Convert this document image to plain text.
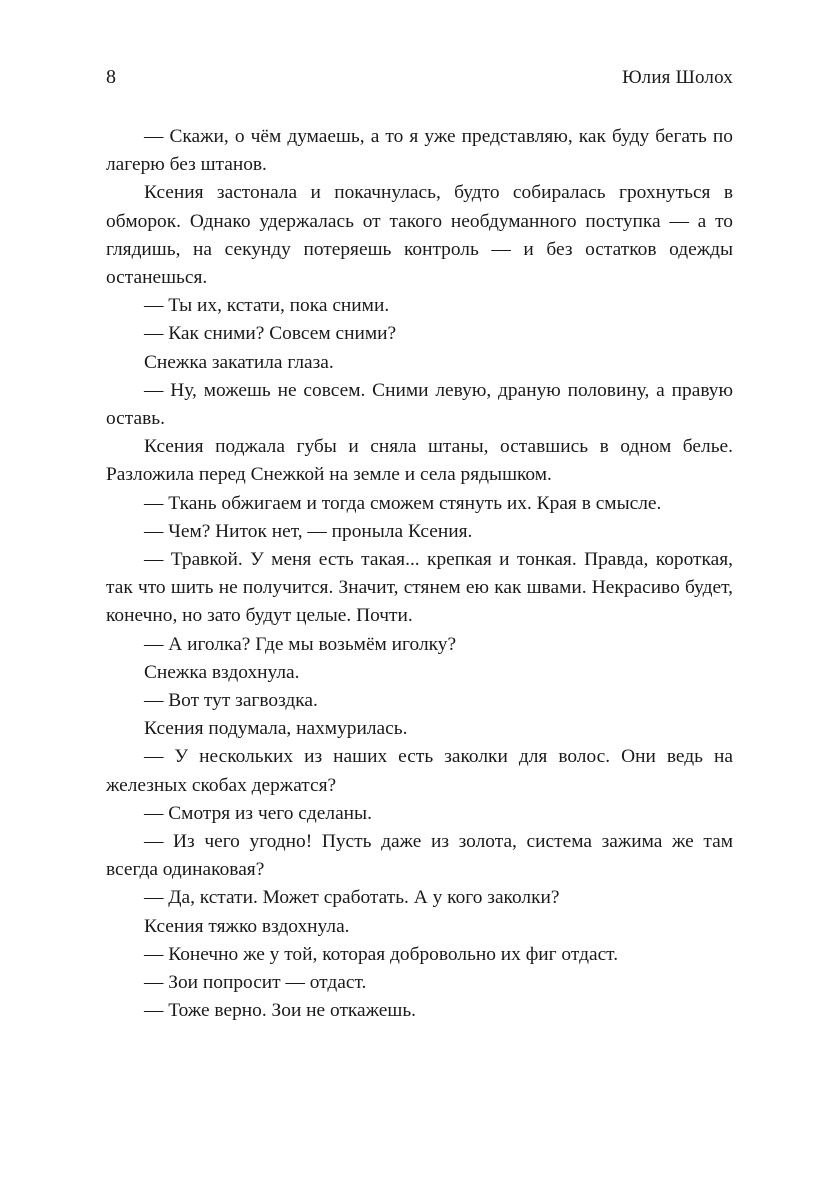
8	Юлия Шолох

— Скажи, о чём думаешь, а то я уже представляю, как буду бегать по лагерю без штанов.

Ксения застонала и покачнулась, будто собиралась грохнуться в обморок. Однако удержалась от такого необдуманного поступка — а то глядишь, на секунду потеряешь контроль — и без остатков одежды останешься.

— Ты их, кстати, пока сними.

— Как сними? Совсем сними?

Снежка закатила глаза.

— Ну, можешь не совсем. Сними левую, драную половину, а правую оставь.

Ксения поджала губы и сняла штаны, оставшись в одном белье. Разложила перед Снежкой на земле и села рядышком.

— Ткань обжигаем и тогда сможем стянуть их. Края в смысле.

— Чем? Ниток нет, — проныла Ксения.

— Травкой. У меня есть такая... крепкая и тонкая. Правда, короткая, так что шить не получится. Значит, стянем ею как швами. Некрасиво будет, конечно, но зато будут целые. Почти.

— А иголка? Где мы возьмём иголку?

Снежка вздохнула.

— Вот тут загвоздка.

Ксения подумала, нахмурилась.

— У нескольких из наших есть заколки для волос. Они ведь на железных скобах держатся?

— Смотря из чего сделаны.

— Из чего угодно! Пусть даже из золота, система зажима же там всегда одинаковая?

— Да, кстати. Может сработать. А у кого заколки?

Ксения тяжко вздохнула.

— Конечно же у той, которая добровольно их фиг отдаст.

— Зои попросит — отдаст.

— Тоже верно. Зои не откажешь.
